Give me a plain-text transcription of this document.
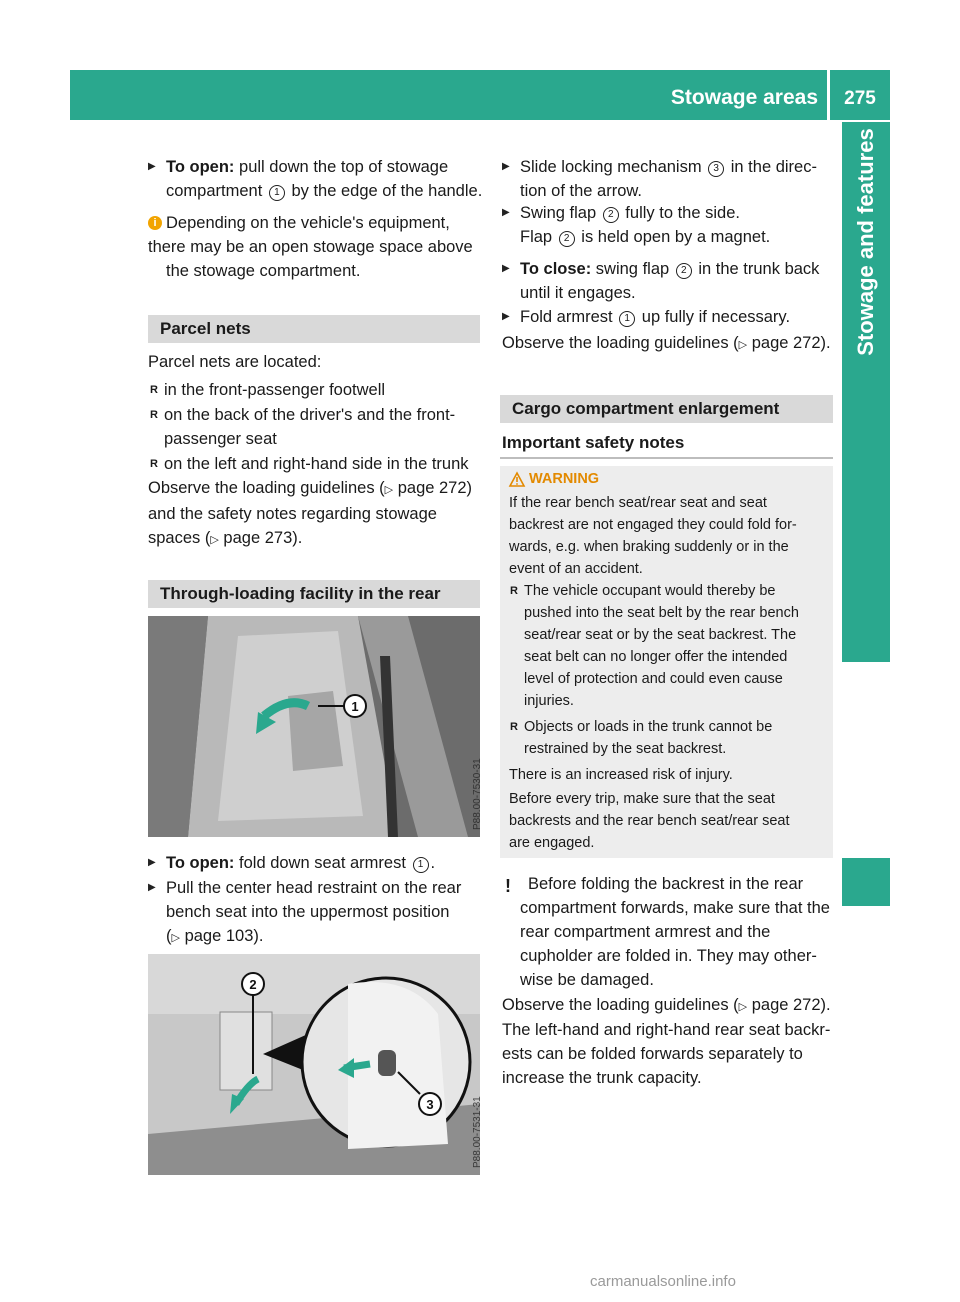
Stowage areas	275
Stowage and features
▶ To open: pull down the top of stowage
compartment 1 by the edge of the handle.
i Depending on the vehicle's equipment,
there may be an open stowage space above
the stowage compartment.
Parcel nets
Parcel nets are located:
R in the front-passenger footwell
R on the back of the driver's and the front-
passenger seat
R on the left and right-hand side in the trunk
Observe the loading guidelines (▷ page 272)
and the safety notes regarding stowage
spaces (▷ page 273).
Through-loading facility in the rear
1
P88.00-7530-31
▶ To open: fold down seat armrest 1 .
▶ Pull the center head restraint on the rear
bench seat into the uppermost position
(▷ page 103).
2
3	P88.00-7531-31
▶ Slide locking mechanism 3 in the direc-
tion of the arrow.
▶ Swing flap 2 fully to the side.
Flap 2 is held open by a magnet.
▶ To close: swing flap 2 in the trunk back
until it engages.
▶ Fold armrest 1 up fully if necessary.
Observe the loading guidelines (▷ page 272).
Cargo compartment enlargement
Important safety notes
WARNING
If the rear bench seat/rear seat and seat
backrest are not engaged they could fold for-
wards, e.g. when braking suddenly or in the
event of an accident.
R The vehicle occupant would thereby be
pushed into the seat belt by the rear bench
seat/rear seat or by the seat backrest. The
seat belt can no longer offer the intended
level of protection and could even cause
injuries.
R Objects or loads in the trunk cannot be
restrained by the seat backrest.
There is an increased risk of injury.
Before every trip, make sure that the seat
backrests and the rear bench seat/rear seat
are engaged.
! Before folding the backrest in the rear
compartment forwards, make sure that the
rear compartment armrest and the
cupholder are folded in. They may other-
wise be damaged.
Observe the loading guidelines (▷ page 272).
The left-hand and right-hand rear seat backr-
ests can be folded forwards separately to
increase the trunk capacity.
carmanualsonline.info
